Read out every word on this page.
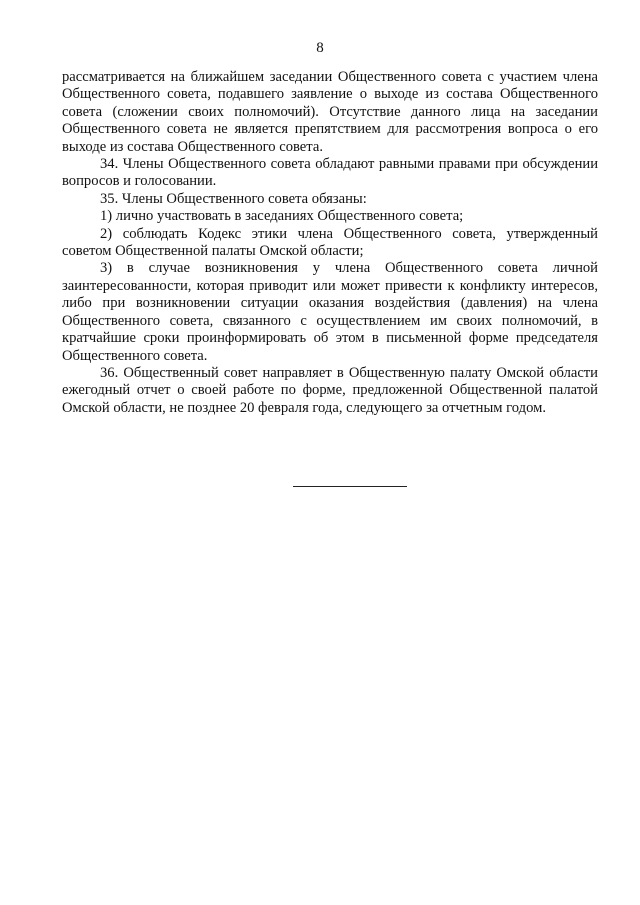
8

рассматривается на ближайшем заседании Общественного совета с участием члена Общественного совета, подавшего заявление о выходе из состава Общественного совета (сложении своих полномочий). Отсутствие данного лица на заседании Общественного совета не является препятствием для рассмотрения вопроса о его выходе из состава Общественного совета.

34. Члены Общественного совета обладают равными правами при обсуждении вопросов и голосовании.

35. Члены Общественного совета обязаны:

1) лично участвовать в заседаниях Общественного совета;

2) соблюдать Кодекс этики члена Общественного совета, утвержденный советом Общественной палаты Омской области;

3) в случае возникновения у члена Общественного совета личной заинтересованности, которая приводит или может привести к конфликту интересов, либо при возникновении ситуации оказания воздействия (давления) на члена Общественного совета, связанного с осуществлением им своих полномочий, в кратчайшие сроки проинформировать об этом в письменной форме председателя Общественного совета.

36. Общественный совет направляет в Общественную палату Омской области ежегодный отчет о своей работе по форме, предложенной Общественной палатой Омской области, не позднее 20 февраля года, следующего за отчетным годом.
